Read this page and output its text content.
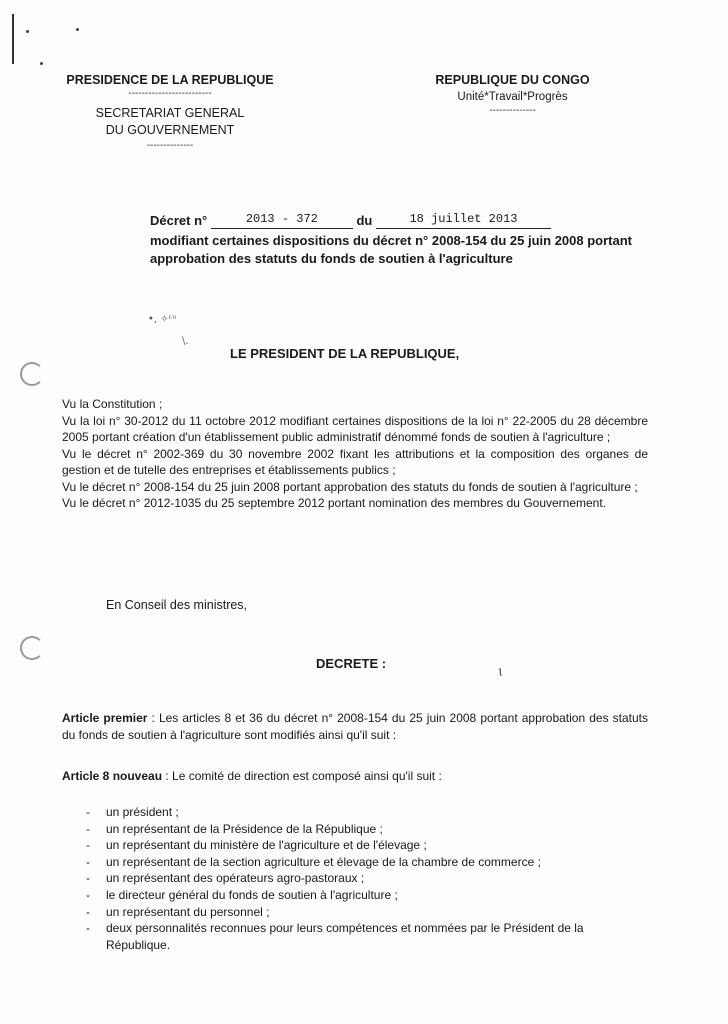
•, ✧ᶫᵘ
\.
ɩ
PRESIDENCE DE LA REPUBLIQUE
-------------------------
SECRETARIAT GENERAL
DU GOUVERNEMENT
--------------
REPUBLIQUE DU CONGO
Unité*Travail*Progrès
--------------
Décret n°	2013 - 372	du	18 juillet 2013
modifiant certaines dispositions du décret n° 2008-154 du 25 juin 2008 portant approbation des statuts du fonds de soutien à l'agriculture
LE PRESIDENT DE LA REPUBLIQUE,

Vu la Constitution ;

Vu la loi n° 30-2012 du 11 octobre 2012 modifiant certaines dispositions de la loi n° 22-2005 du 28 décembre 2005 portant création d'un établissement public administratif dénommé fonds de soutien à l'agriculture ;

Vu le décret n° 2002-369 du 30 novembre 2002 fixant les attributions et la composition des organes de gestion et de tutelle des entreprises et établissements publics ;

Vu le décret n° 2008-154 du 25 juin 2008 portant approbation des statuts du fonds de soutien à l'agriculture ;

Vu le décret n° 2012-1035 du 25 septembre 2012 portant nomination des membres du Gouvernement.

En Conseil des ministres,
DECRETE :
Article premier : Les articles 8 et 36 du décret n° 2008-154 du 25 juin 2008 portant approbation des statuts du fonds de soutien à l'agriculture sont modifiés ainsi qu'il suit :
Article 8 nouveau : Le comité de direction est composé ainsi qu'il suit :
- un président ;
- un représentant de la Présidence de la République ;
- un représentant du ministère de l'agriculture et de l'élevage ;
- un représentant de la section agriculture et élevage de la chambre de commerce ;
- un représentant des opérateurs agro-pastoraux ;
- le directeur général du fonds de soutien à l'agriculture ;
- un représentant du personnel ;
- deux personnalités reconnues pour leurs compétences et nommées par le Président de la République.
